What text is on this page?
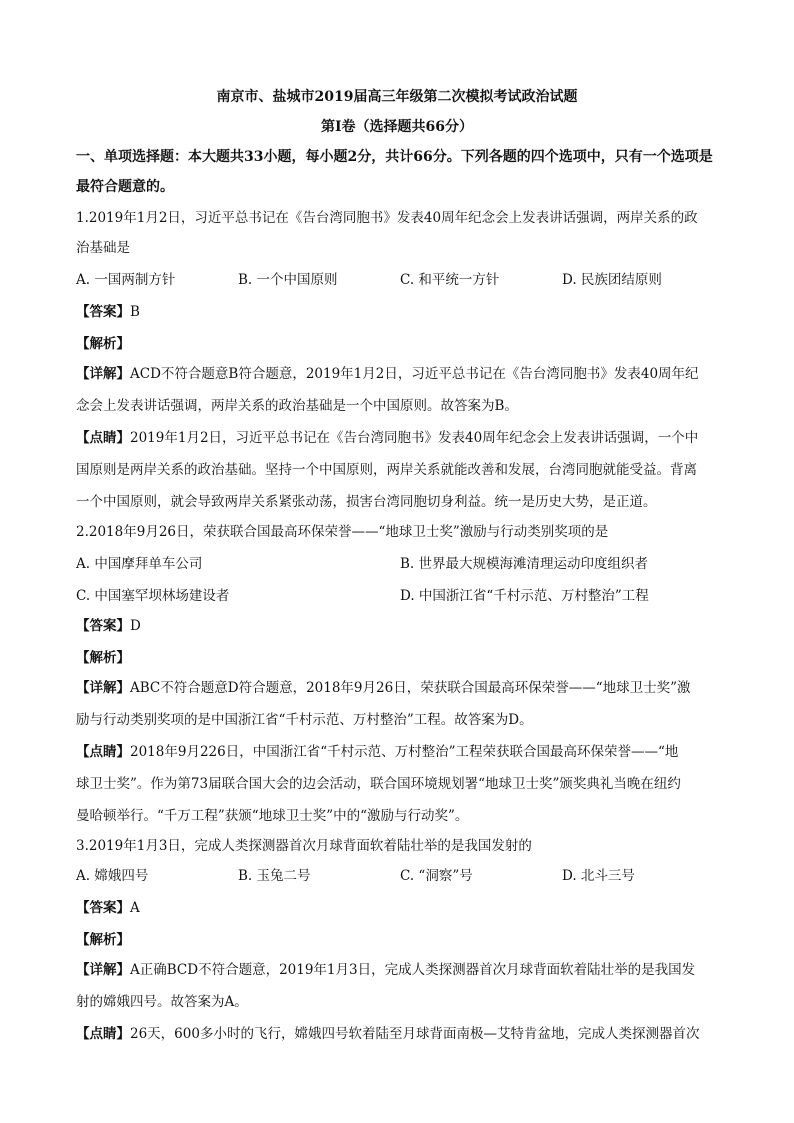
南京市、盐城市2019届高三年级第二次模拟考试政治试题
第Ⅰ卷（选择题共66分）
一、单项选择题：本大题共33小题，每小题2分，共计66分。下列各题的四个选项中，只有一个选项是
最符合题意的。
1.2019年1月2日，习近平总书记在《告台湾同胞书》发表40周年纪念会上发表讲话强调，两岸关系的政
治基础是
A. 一国两制方针	B. 一个中国原则	C. 和平统一方针	D. 民族团结原则
【答案】B
【解析】
【详解】ACD不符合题意B符合题意，2019年1月2日，习近平总书记在《告台湾同胞书》发表40周年纪
念会上发表讲话强调，两岸关系的政治基础是一个中国原则。故答案为B。
【点睛】2019年1月2日，习近平总书记在《告台湾同胞书》发表40周年纪念会上发表讲话强调，一个中
国原则是两岸关系的政治基础。坚持一个中国原则，两岸关系就能改善和发展，台湾同胞就能受益。背离
一个中国原则，就会导致两岸关系紧张动荡，损害台湾同胞切身利益。统一是历史大势，是正道。
2.2018年9月26日，荣获联合国最高环保荣誉——“地球卫士奖”激励与行动类别奖项的是
A. 中国摩拜单车公司	B. 世界最大规模海滩清理运动印度组织者
C. 中国塞罕坝林场建设者	D. 中国浙江省“千村示范、万村整治”工程
【答案】D
【解析】
【详解】ABC不符合题意D符合题意，2018年9月26日，荣获联合国最高环保荣誉——“地球卫士奖”激
励与行动类别奖项的是中国浙江省“千村示范、万村整治”工程。故答案为D。
【点睛】2018年9月226日，中国浙江省“千村示范、万村整治”工程荣获联合国最高环保荣誉——“地
球卫士奖”。作为第73届联合国大会的边会活动，联合国环境规划署“地球卫士奖”颁奖典礼当晚在纽约
曼哈顿举行。“千万工程”获颁“地球卫士奖”中的“激励与行动奖”。
3.2019年1月3日，完成人类探测器首次月球背面软着陆壮举的是我国发射的
A. 嫦娥四号	B. 玉兔二号	C. “洞察”号	D. 北斗三号
【答案】A
【解析】
【详解】A正确BCD不符合题意，2019年1月3日，完成人类探测器首次月球背面软着陆壮举的是我国发
射的嫦娥四号。故答案为A。
【点睛】26天，600多小时的飞行，嫦娥四号软着陆至月球背面南极—艾特肯盆地，完成人类探测器首次
